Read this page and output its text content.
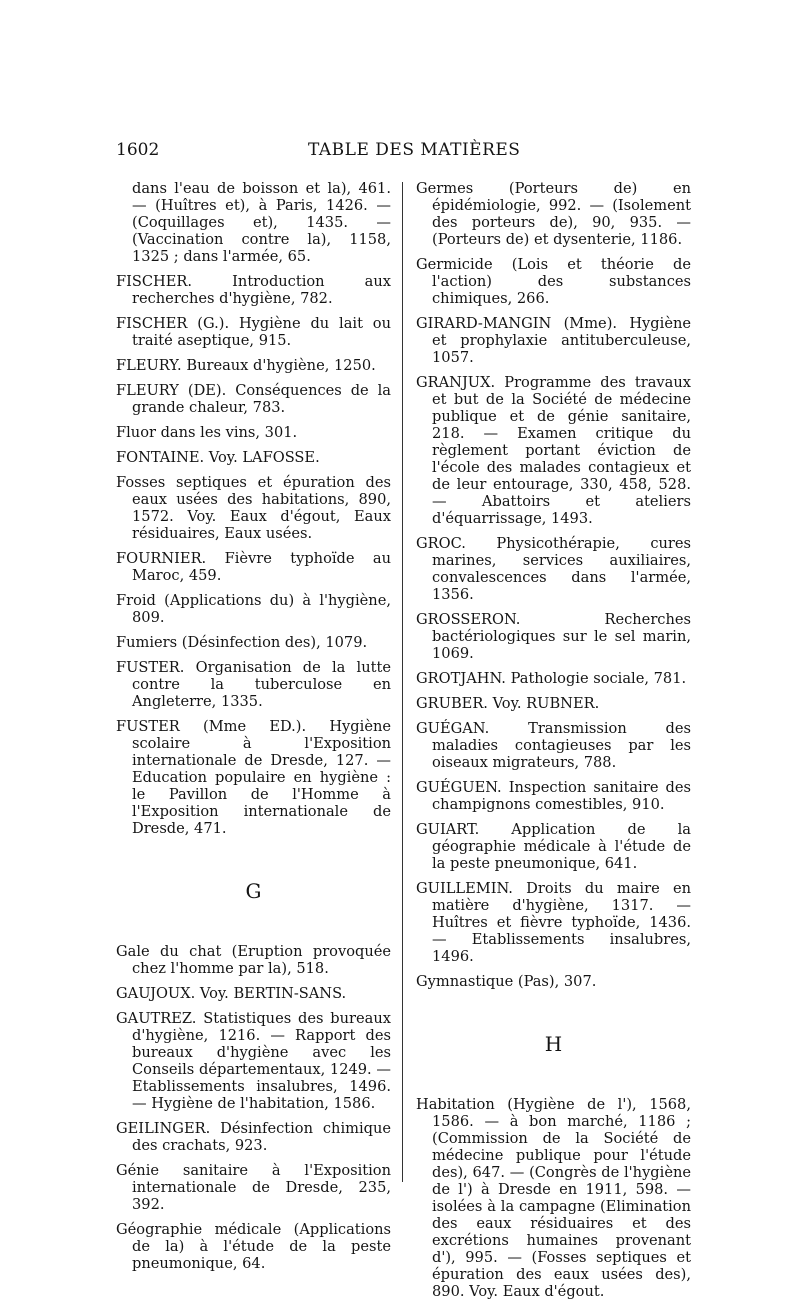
1602	TABLE DES MATIÈRES

dans l'eau de boisson et la), 461. — (Huîtres et), à Paris, 1426. — (Coquillages et), 1435. — (Vaccination contre la), 1158, 1325 ; dans l'armée, 65.

FISCHER. Introduction aux recherches d'hygiène, 782.

FISCHER (G.). Hygiène du lait ou traité aseptique, 915.

FLEURY. Bureaux d'hygiène, 1250.

FLEURY (DE). Conséquences de la grande chaleur, 783.

Fluor dans les vins, 301.

FONTAINE. Voy. LAFOSSE.

Fosses septiques et épuration des eaux usées des habitations, 890, 1572. Voy. Eaux d'égout, Eaux résiduaires, Eaux usées.

FOURNIER. Fièvre typhoïde au Maroc, 459.

Froid (Applications du) à l'hygiène, 809.

Fumiers (Désinfection des), 1079.

FUSTER. Organisation de la lutte contre la tuberculose en Angleterre, 1335.

FUSTER (Mme ED.). Hygiène scolaire à l'Exposition internationale de Dresde, 127. — Education populaire en hygiène : le Pavillon de l'Homme à l'Exposition internationale de Dresde, 471.

G

Gale du chat (Eruption provoquée chez l'homme par la), 518.

GAUJOUX. Voy. BERTIN-SANS.

GAUTREZ. Statistiques des bureaux d'hygiène, 1216. — Rapport des bureaux d'hygiène avec les Conseils départementaux, 1249. — Etablissements insalubres, 1496. — Hygiène de l'habitation, 1586.

GEILINGER. Désinfection chimique des crachats, 923.

Génie sanitaire à l'Exposition internationale de Dresde, 235, 392.

Géographie médicale (Applications de la) à l'étude de la peste pneumonique, 64.

Germes (Porteurs de) en épidémiologie, 992. — (Isolement des porteurs de), 90, 935. — (Porteurs de) et dysenterie, 1186.

Germicide (Lois et théorie de l'action) des substances chimiques, 266.

GIRARD-MANGIN (Mme). Hygiène et prophylaxie antituberculeuse, 1057.

GRANJUX. Programme des travaux et but de la Société de médecine publique et de génie sanitaire, 218. — Examen critique du règlement portant éviction de l'école des malades contagieux et de leur entourage, 330, 458, 528. — Abattoirs et ateliers d'équarrissage, 1493.

GROC. Physicothérapie, cures marines, services auxiliaires, convalescences dans l'armée, 1356.

GROSSERON. Recherches bactériologiques sur le sel marin, 1069.

GROTJAHN. Pathologie sociale, 781.

GRUBER. Voy. RUBNER.

GUÉGAN. Transmission des maladies contagieuses par les oiseaux migrateurs, 788.

GUÉGUEN. Inspection sanitaire des champignons comestibles, 910.

GUIART. Application de la géographie médicale à l'étude de la peste pneumonique, 641.

GUILLEMIN. Droits du maire en matière d'hygiène, 1317. — Huîtres et fièvre typhoïde, 1436. — Etablissements insalubres, 1496.

Gymnastique (Pas), 307.

H

Habitation (Hygiène de l'), 1568, 1586. — à bon marché, 1186 ; (Commission de la Société de médecine publique pour l'étude des), 647. — (Congrès de l'hygiène de l') à Dresde en 1911, 598. — isolées à la campagne (Elimination des eaux résiduaires et des excrétions humaines provenant d'), 995. — (Fosses septiques et épuration des eaux usées des), 890. Voy. Eaux d'égout.
